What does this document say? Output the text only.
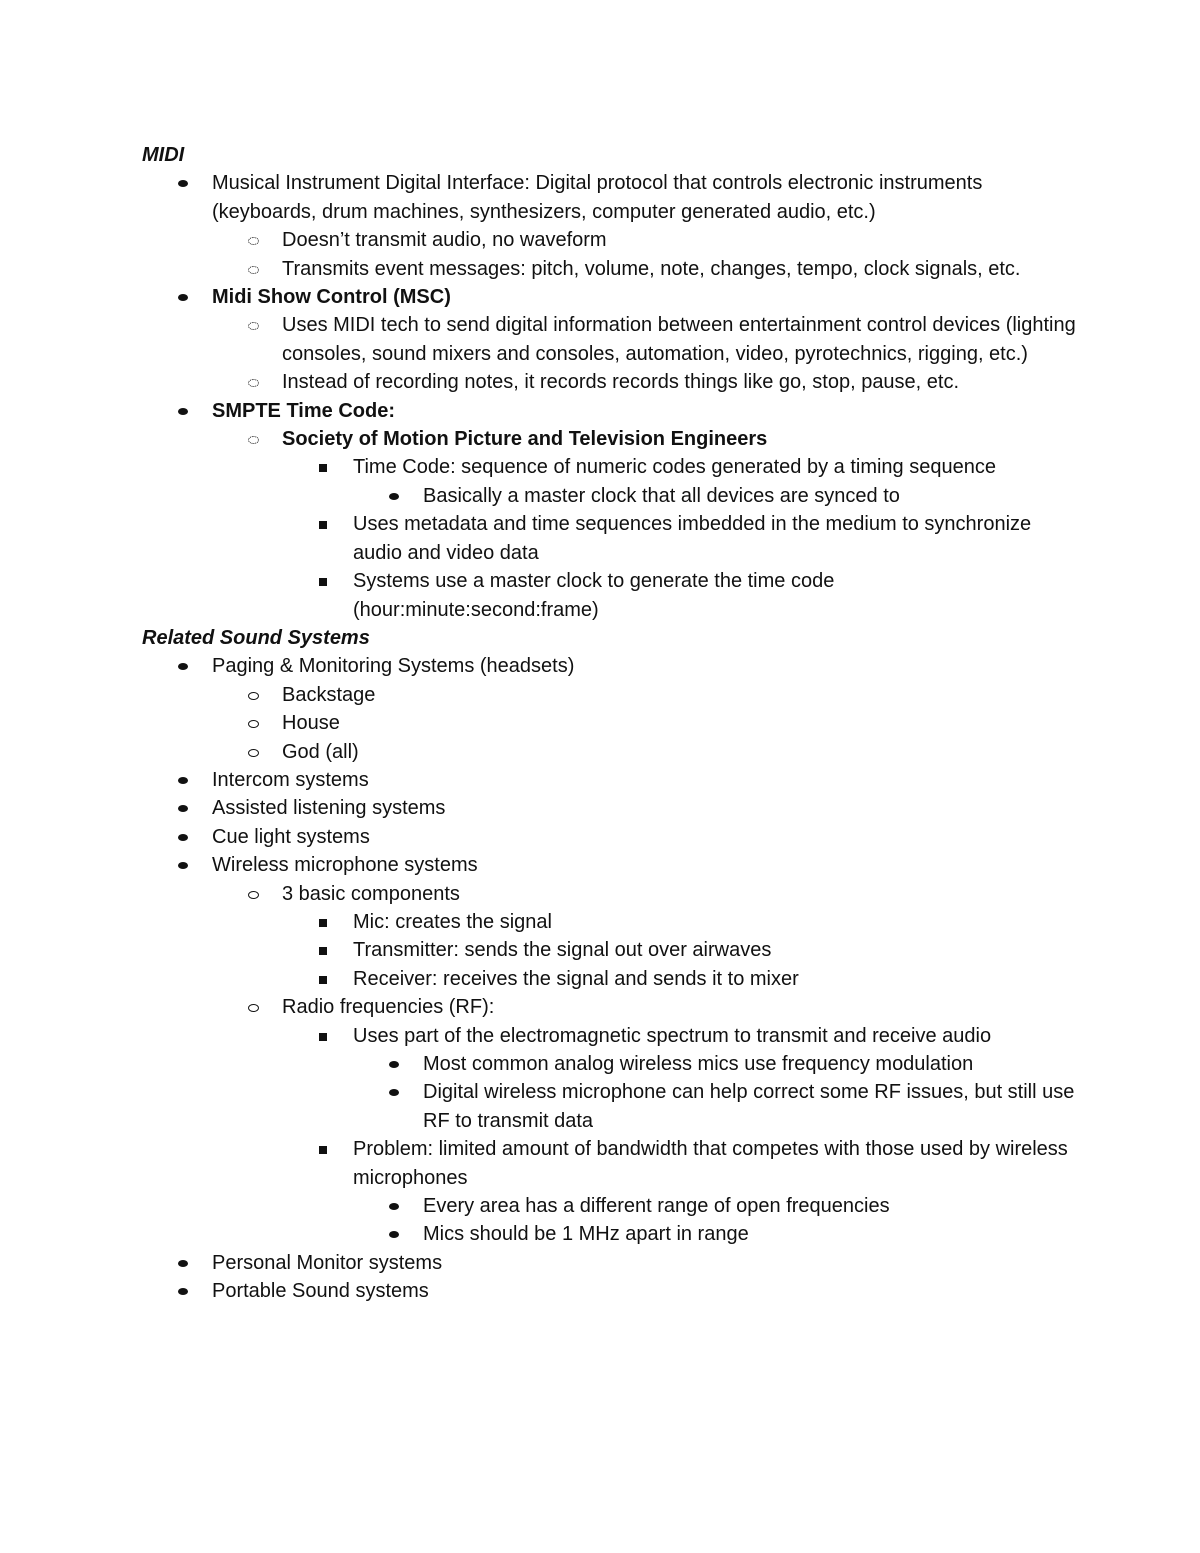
MIDI
Musical Instrument Digital Interface: Digital protocol that controls electronic instruments (keyboards, drum machines, synthesizers, computer generated audio, etc.)
Doesn’t transmit audio, no waveform
Transmits event messages: pitch, volume, note, changes, tempo, clock signals, etc.
Midi Show Control (MSC)
Uses MIDI tech to send digital information between entertainment control devices (lighting consoles, sound mixers and consoles, automation, video, pyrotechnics, rigging, etc.)
Instead of recording notes, it records records things like go, stop, pause, etc.
SMPTE Time Code:
Society of Motion Picture and Television Engineers
Time Code: sequence of numeric codes generated by a timing sequence
Basically a master clock that all devices are synced to
Uses metadata and time sequences imbedded in the medium to synchronize audio and video data
Systems use a master clock to generate the time code (hour:minute:second:frame)
Related Sound Systems
Paging & Monitoring Systems (headsets)
Backstage
House
God (all)
Intercom systems
Assisted listening systems
Cue light systems
Wireless microphone systems
3 basic components
Mic: creates the signal
Transmitter: sends the signal out over airwaves
Receiver: receives the signal and sends it to mixer
Radio frequencies (RF):
Uses part of the electromagnetic spectrum to transmit and receive audio
Most common analog wireless mics use frequency modulation
Digital wireless microphone can help correct some RF issues, but still use RF to transmit data
Problem: limited amount of bandwidth that competes with those used by wireless microphones
Every area has a different range of open frequencies
Mics should be 1 MHz apart in range
Personal Monitor systems
Portable Sound systems
